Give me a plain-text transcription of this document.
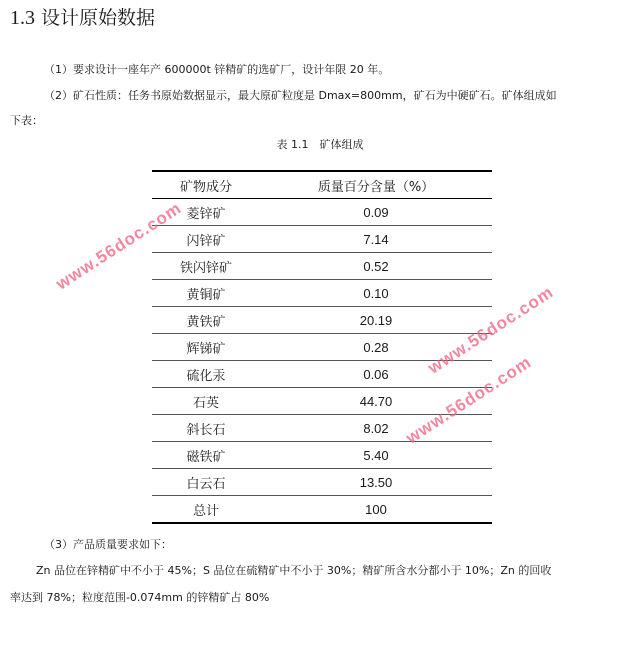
1.3 设计原始数据
（1）要求设计一座年产 600000t 锌精矿的选矿厂，设计年限 20 年。
（2）矿石性质：任务书原始数据显示，最大原矿粒度是 Dmax=800mm，矿石为中硬矿石。矿体组成如
下表：
表 1.1　矿体组成
矿物成分	质量百分含量（%）
菱锌矿	0.09
闪锌矿	7.14
铁闪锌矿	0.52
黄铜矿	0.10
黄铁矿	20.19
辉锑矿	0.28
硫化汞	0.06
石英	44.70
斜长石	8.02
磁铁矿	5.40
白云石	13.50
总计	100
（3）产品质量要求如下：
Zn 品位在锌精矿中不小于 45%；S 品位在硫精矿中不小于 30%；精矿所含水分都小于 10%；Zn 的回收
率达到 78%；粒度范围-0.074mm 的锌精矿占 80%
www.56doc.com
www.56doc.com
www.56doc.com
